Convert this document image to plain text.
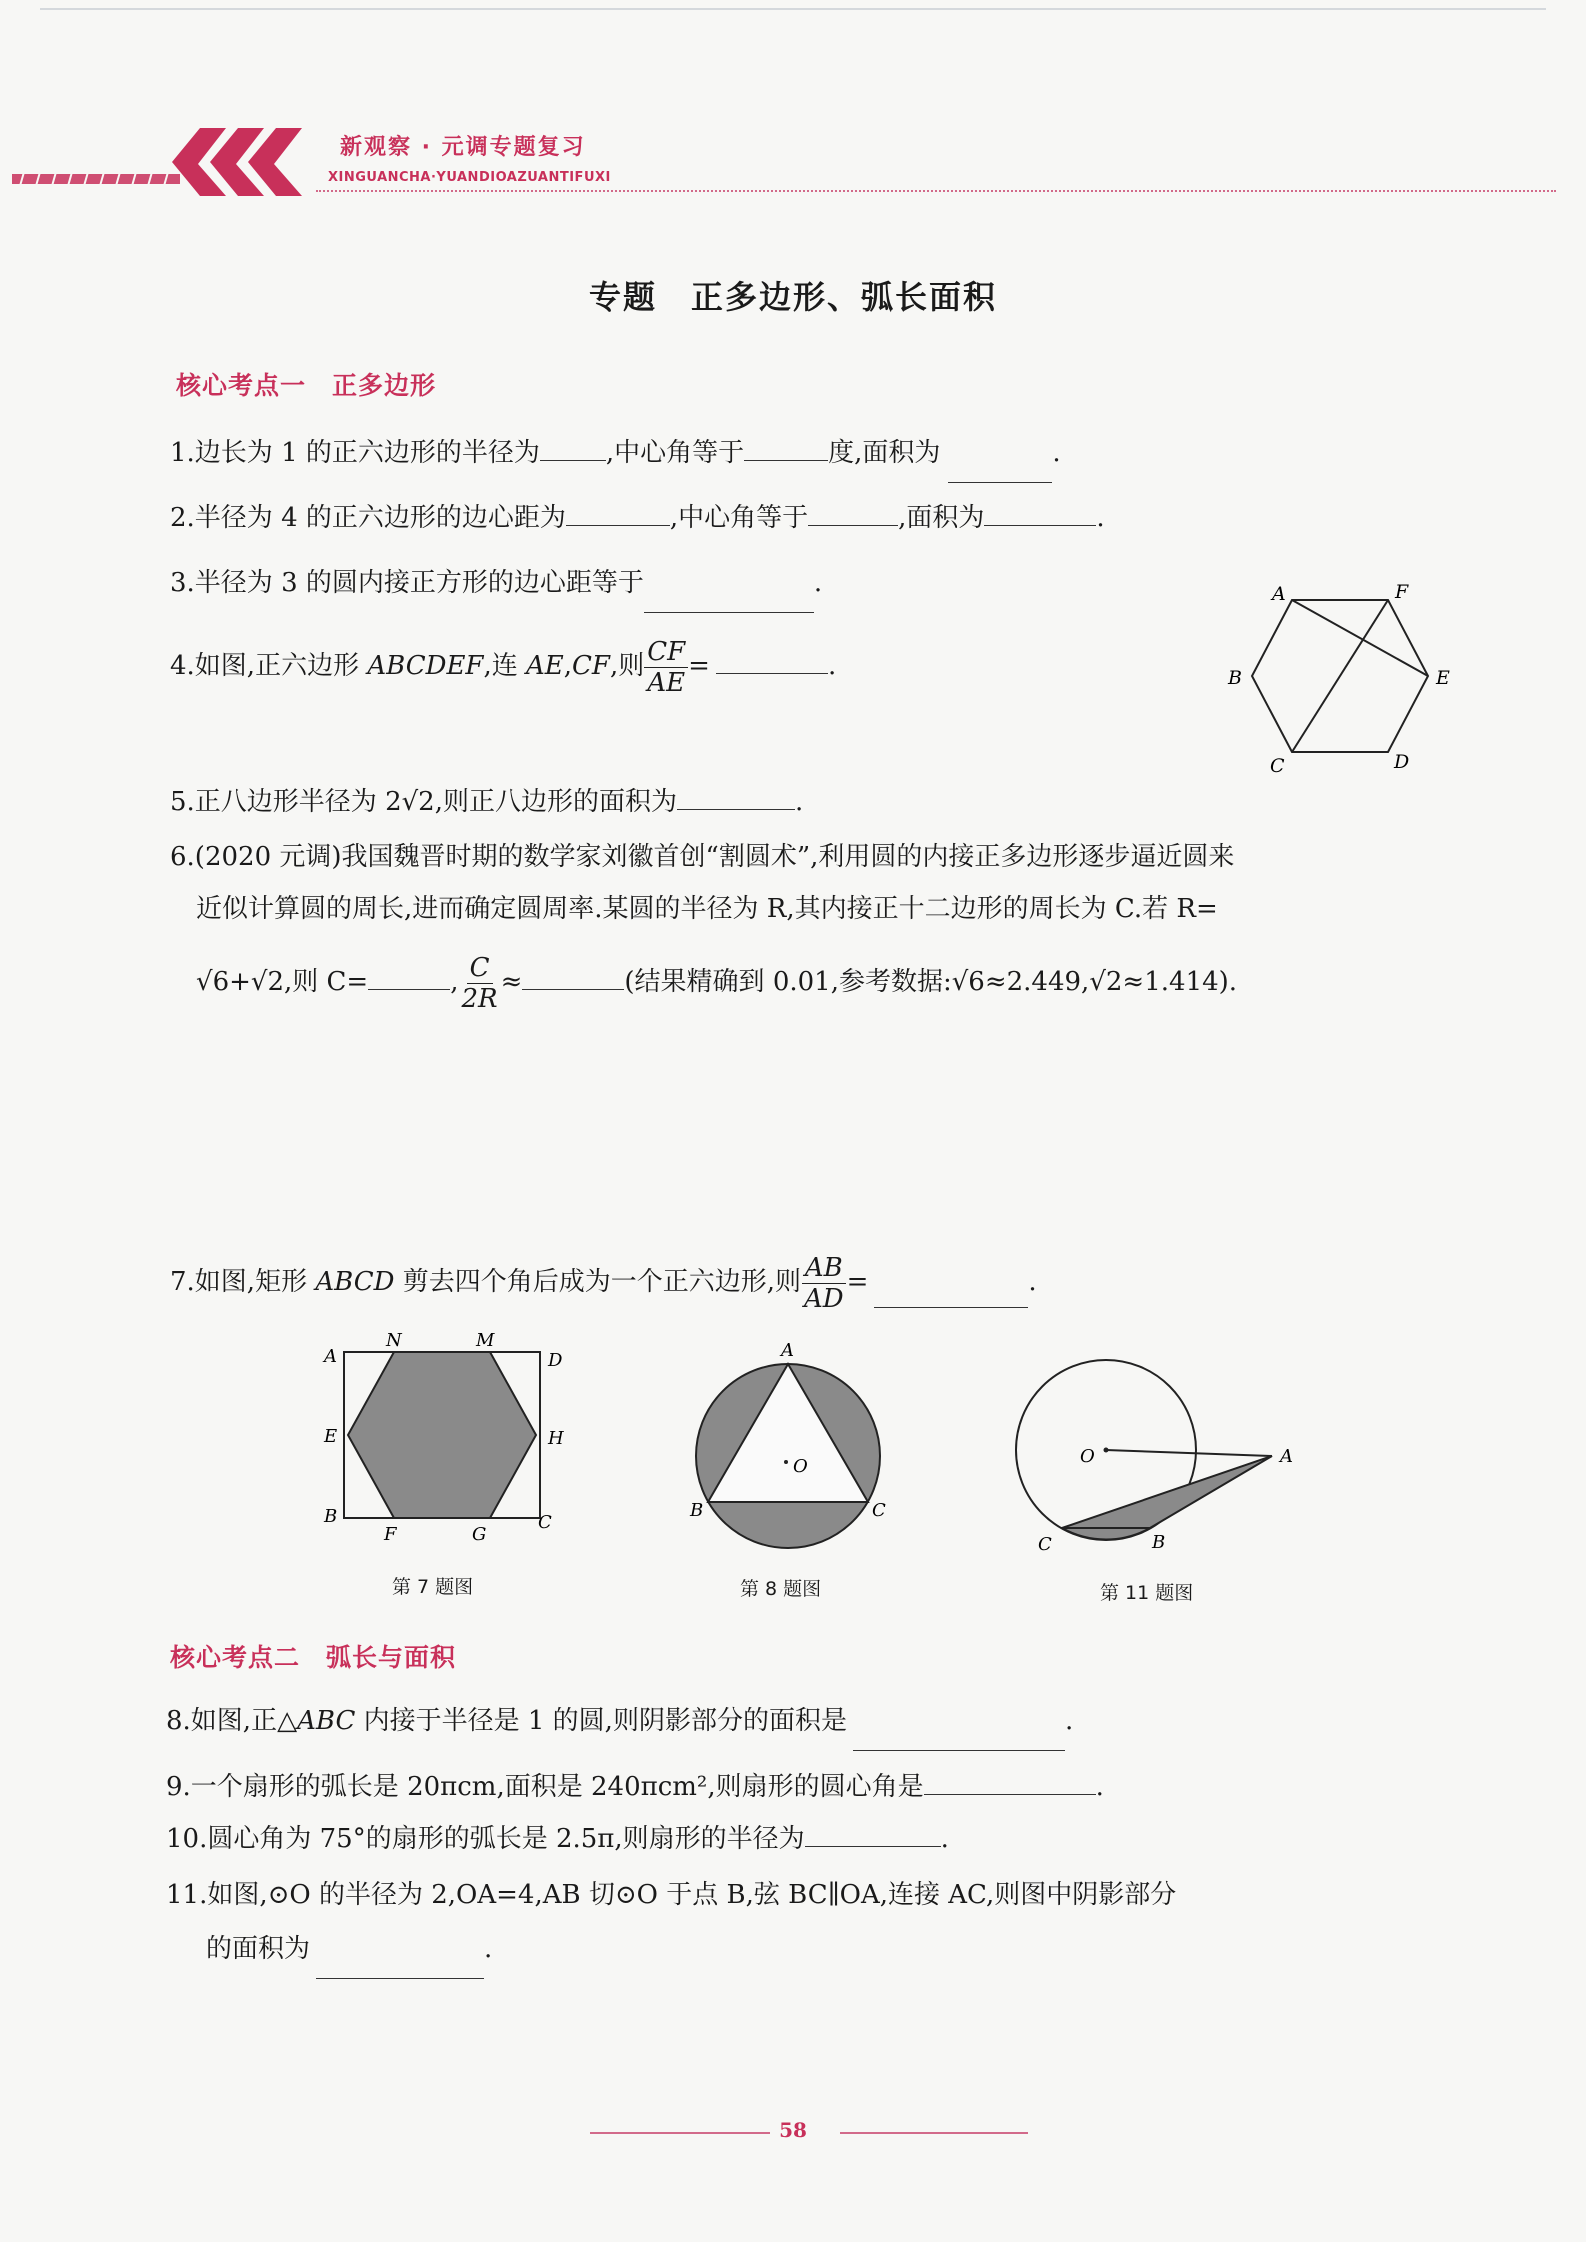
新观察 · 元调专题复习
XINGUANCHA·YUANDIOAZUANTIFUXI
专题　正多边形、弧长面积
核心考点一　正多边形
1.边长为 1 的正六边形的半径为	,中心角等于	度,面积为	.
2.半径为 4 的正六边形的边心距为	,中心角等于	,面积为	.
3.半径为 3 的圆内接正方形的边心距等于	.
4.如图,正六边形 ABCDEF,连 AE,CF,则 $\frac{CF}{AE}$ =	.
A	F
B	E
C	D
5.正八边形半径为 2√2,则正八边形的面积为	.
6.(2020 元调)我国魏晋时期的数学家刘徽首创“割圆术”,利用圆的内接正多边形逐步逼近圆来
近似计算圆的周长,进而确定圆周率.某圆的半径为 R,其内接正十二边形的周长为 C.若 R=
√6+√2,则 C=	, $\frac{C}{2R}$ ≈	(结果精确到 0.01,参考数据:√6≈2.449,√2≈1.414).
7.如图,矩形 ABCD 剪去四个角后成为一个正六边形,则 $\frac{AB}{AD}$ =	.
A
N	M
D
E	H
B
F	G
C
第 7 题图
A
B	C
O
第 8 题图
O	A
C	B
第 11 题图
核心考点二　弧长与面积
8.如图,正△ABC 内接于半径是 1 的圆,则阴影部分的面积是	.
9.一个扇形的弧长是 20πcm,面积是 240πcm²,则扇形的圆心角是	.
10.圆心角为 75°的扇形的弧长是 2.5π,则扇形的半径为	.
11.如图,⊙O 的半径为 2,OA=4,AB 切⊙O 于点 B,弦 BC∥OA,连接 AC,则图中阴影部分
的面积为	.
58
